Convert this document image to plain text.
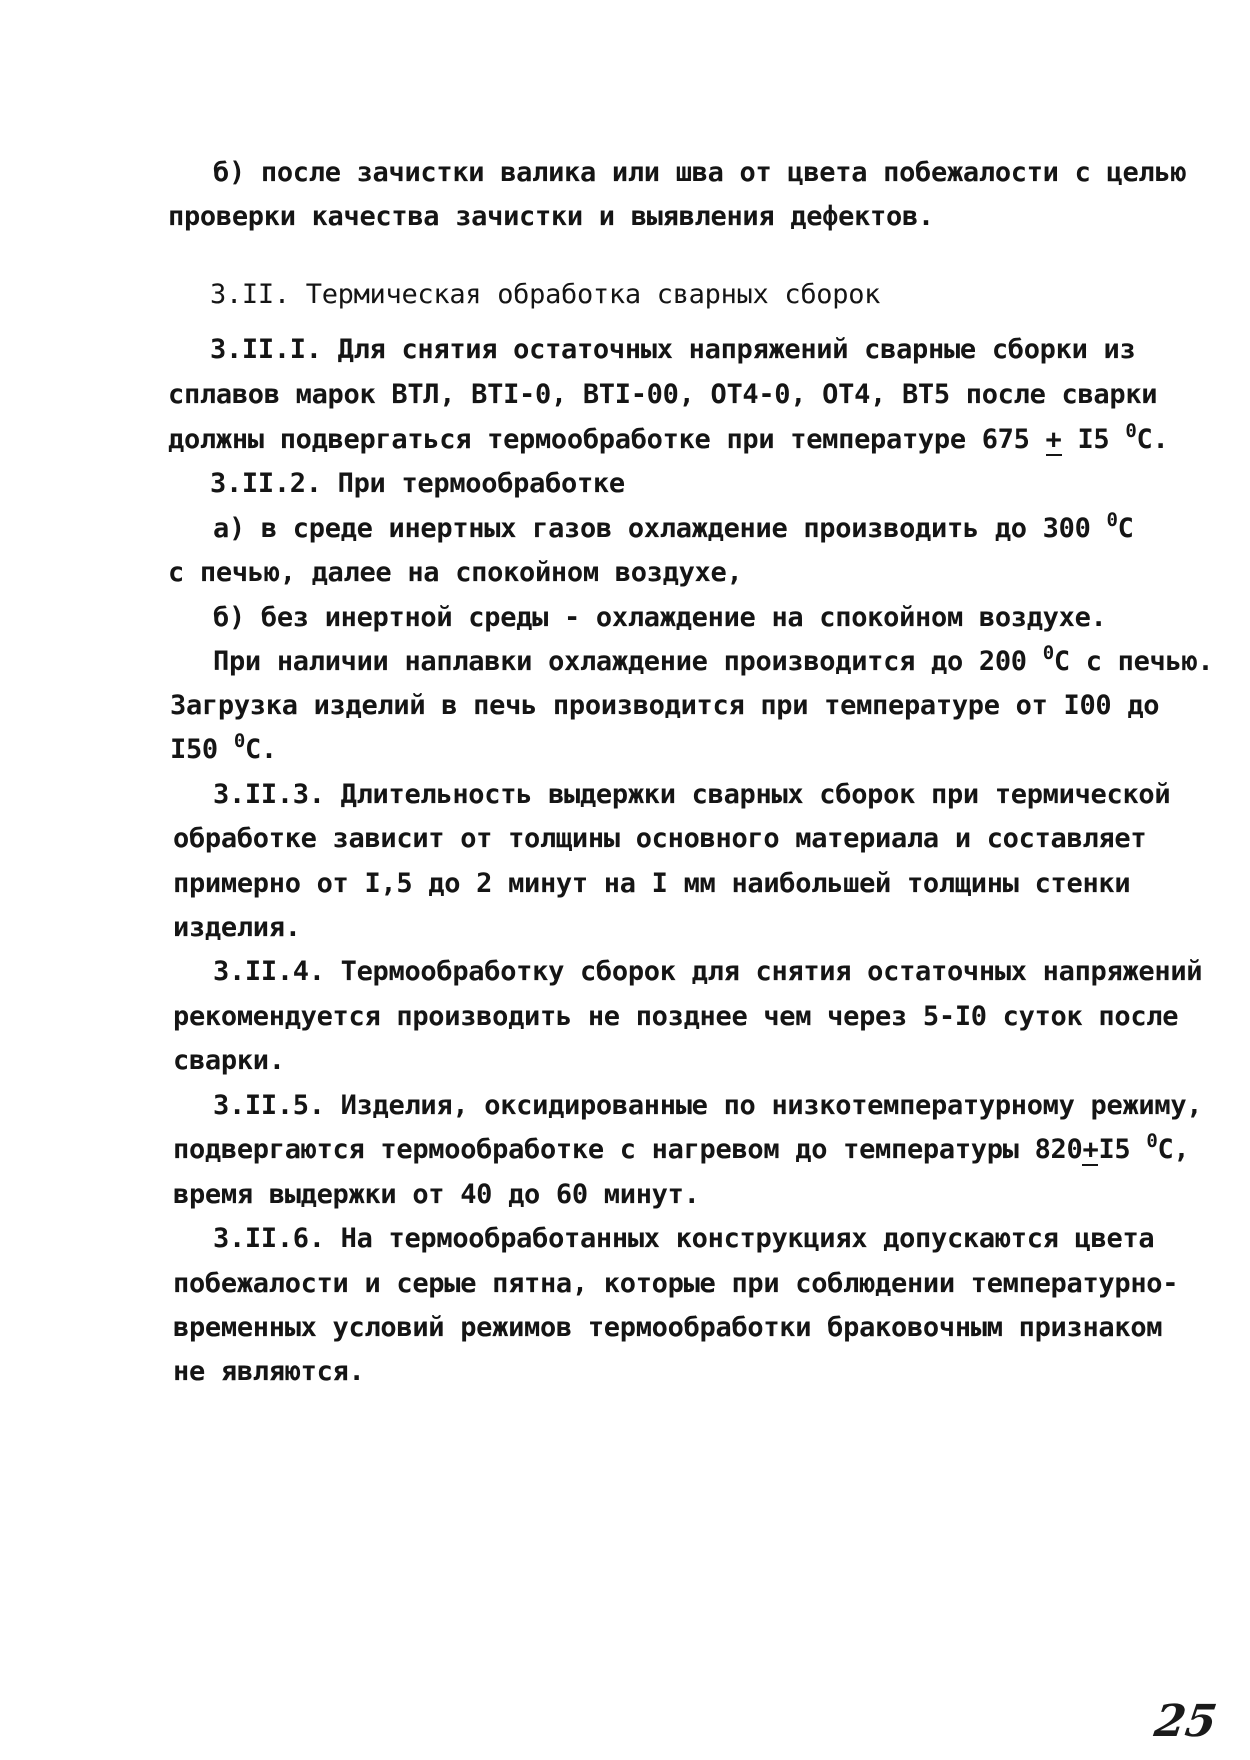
б) после зачистки валика или шва от цвета побежалости с целью
проверки качества зачистки и выявления дефектов.
3.II. Термическая обработка сварных сборок
3.II.I. Для снятия остаточных напряжений сварные сборки из
сплавов марок ВТЛ, BTI-0, BTI-00, ОТ4-0, ОТ4, ВТ5 после сварки
должны подвергаться термообработке при температуре 675 + I5 $^0$С.
3.II.2. При термообработке
а) в среде инертных газов охлаждение производить до 300 $^0$С
с печью, далее на спокойном воздухе,
б) без инертной среды - охлаждение на спокойном воздухе.
При наличии наплавки охлаждение производится до 200 $^0$С с печью.
Загрузка изделий в печь производится при температуре от I00 до
I50 $^0$С.
3.II.3. Длительность выдержки сварных сборок при термической
обработке зависит от толщины основного материала и составляет
примерно от I,5 до 2 минут на I мм наибольшей толщины стенки
изделия.
3.II.4. Термообработку сборок для снятия остаточных напряжений
рекомендуется производить не позднее чем через 5-I0 суток после
сварки.
3.II.5. Изделия, оксидированные по низкотемпературному режиму,
подвергаются термообработке с нагревом до температуры 820+I5 $^0$С,
время выдержки от 40 до 60 минут.
3.II.6. На термообработанных конструкциях допускаются цвета
побежалости и серые пятна, которые при соблюдении температурно-
временных условий режимов термообработки браковочным признаком
не являются.
25
